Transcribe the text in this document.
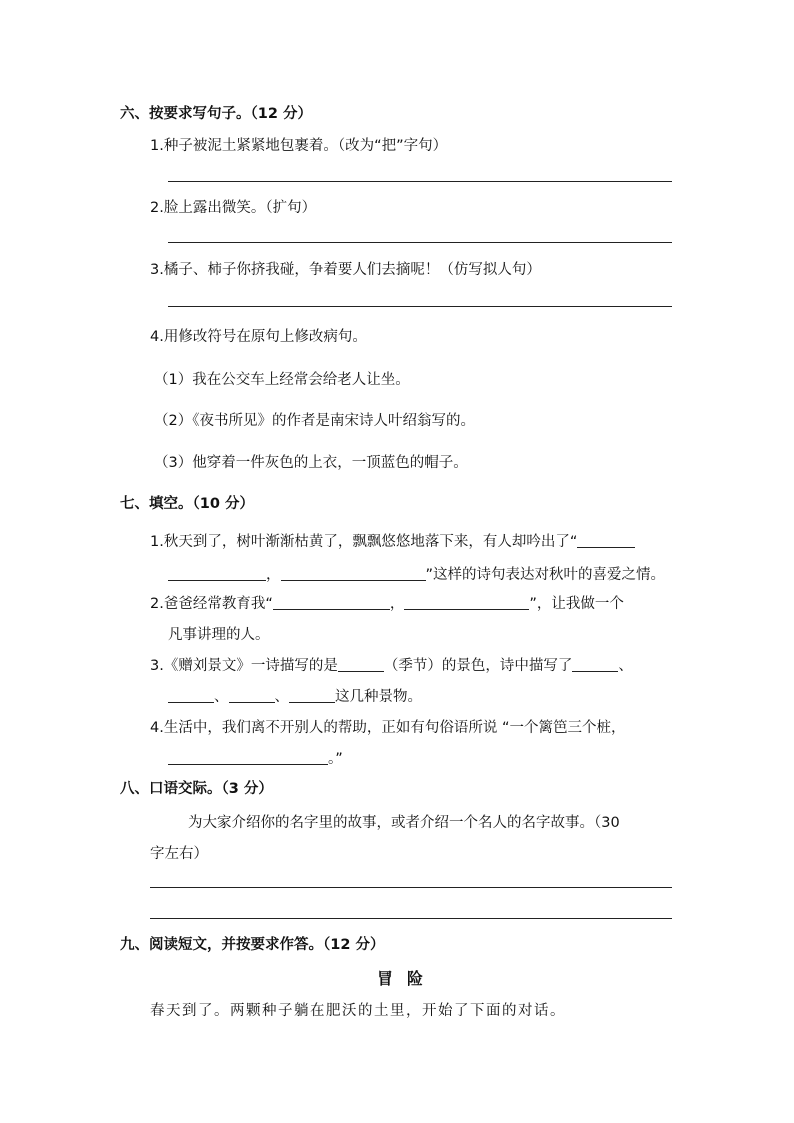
六、按要求写句子。（12 分）
1.种子被泥土紧紧地包裹着。（改为“把”字句）
2.脸上露出微笑。（扩句）
3.橘子、柿子你挤我碰，争着要人们去摘呢！（仿写拟人句）
4.用修改符号在原句上修改病句。
（1）我在公交车上经常会给老人让坐。
（2）《夜书所见》的作者是南宋诗人叶绍翁写的。
（3）他穿着一件灰色的上衣，一顶蓝色的帽子。
七、填空。（10 分）
1.秋天到了，树叶渐渐枯黄了，飘飘悠悠地落下来，有人却吟出了“
，	”这样的诗句表达对秋叶的喜爱之情。
2.爸爸经常教育我“	，	”，让我做一个
凡事讲理的人。
3.《赠刘景文》一诗描写的是	（季节）的景色，诗中描写了	、
、	、	这几种景物。
4.生活中，我们离不开别人的帮助，正如有句俗语所说 “一个篱笆三个桩，
。”
八、口语交际。（3 分）
为大家介绍你的名字里的故事，或者介绍一个名人的名字故事。（30
字左右）
九、阅读短文，并按要求作答。（12 分）
冒险
春天到了。两颗种子躺在肥沃的土里，开始了下面的对话。
